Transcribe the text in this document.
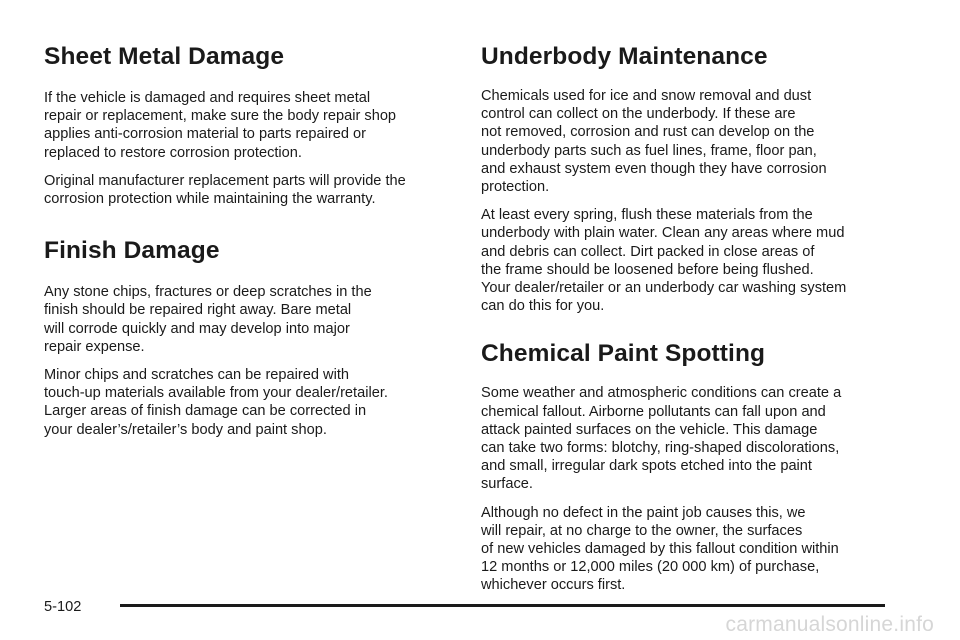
Sheet Metal Damage

If the vehicle is damaged and requires sheet metal
repair or replacement, make sure the body repair shop
applies anti-corrosion material to parts repaired or
replaced to restore corrosion protection.

Original manufacturer replacement parts will provide the
corrosion protection while maintaining the warranty.

Finish Damage

Any stone chips, fractures or deep scratches in the
finish should be repaired right away. Bare metal
will corrode quickly and may develop into major
repair expense.

Minor chips and scratches can be repaired with
touch-up materials available from your dealer/retailer.
Larger areas of finish damage can be corrected in
your dealer’s/retailer’s body and paint shop.

Underbody Maintenance

Chemicals used for ice and snow removal and dust
control can collect on the underbody. If these are
not removed, corrosion and rust can develop on the
underbody parts such as fuel lines, frame, floor pan,
and exhaust system even though they have corrosion
protection.

At least every spring, flush these materials from the
underbody with plain water. Clean any areas where mud
and debris can collect. Dirt packed in close areas of
the frame should be loosened before being flushed.
Your dealer/retailer or an underbody car washing system
can do this for you.

Chemical Paint Spotting

Some weather and atmospheric conditions can create a
chemical fallout. Airborne pollutants can fall upon and
attack painted surfaces on the vehicle. This damage
can take two forms: blotchy, ring-shaped discolorations,
and small, irregular dark spots etched into the paint
surface.

Although no defect in the paint job causes this, we
will repair, at no charge to the owner, the surfaces
of new vehicles damaged by this fallout condition within
12 months or 12,000 miles (20 000 km) of purchase,
whichever occurs first.

5-102
carmanualsonline.info
